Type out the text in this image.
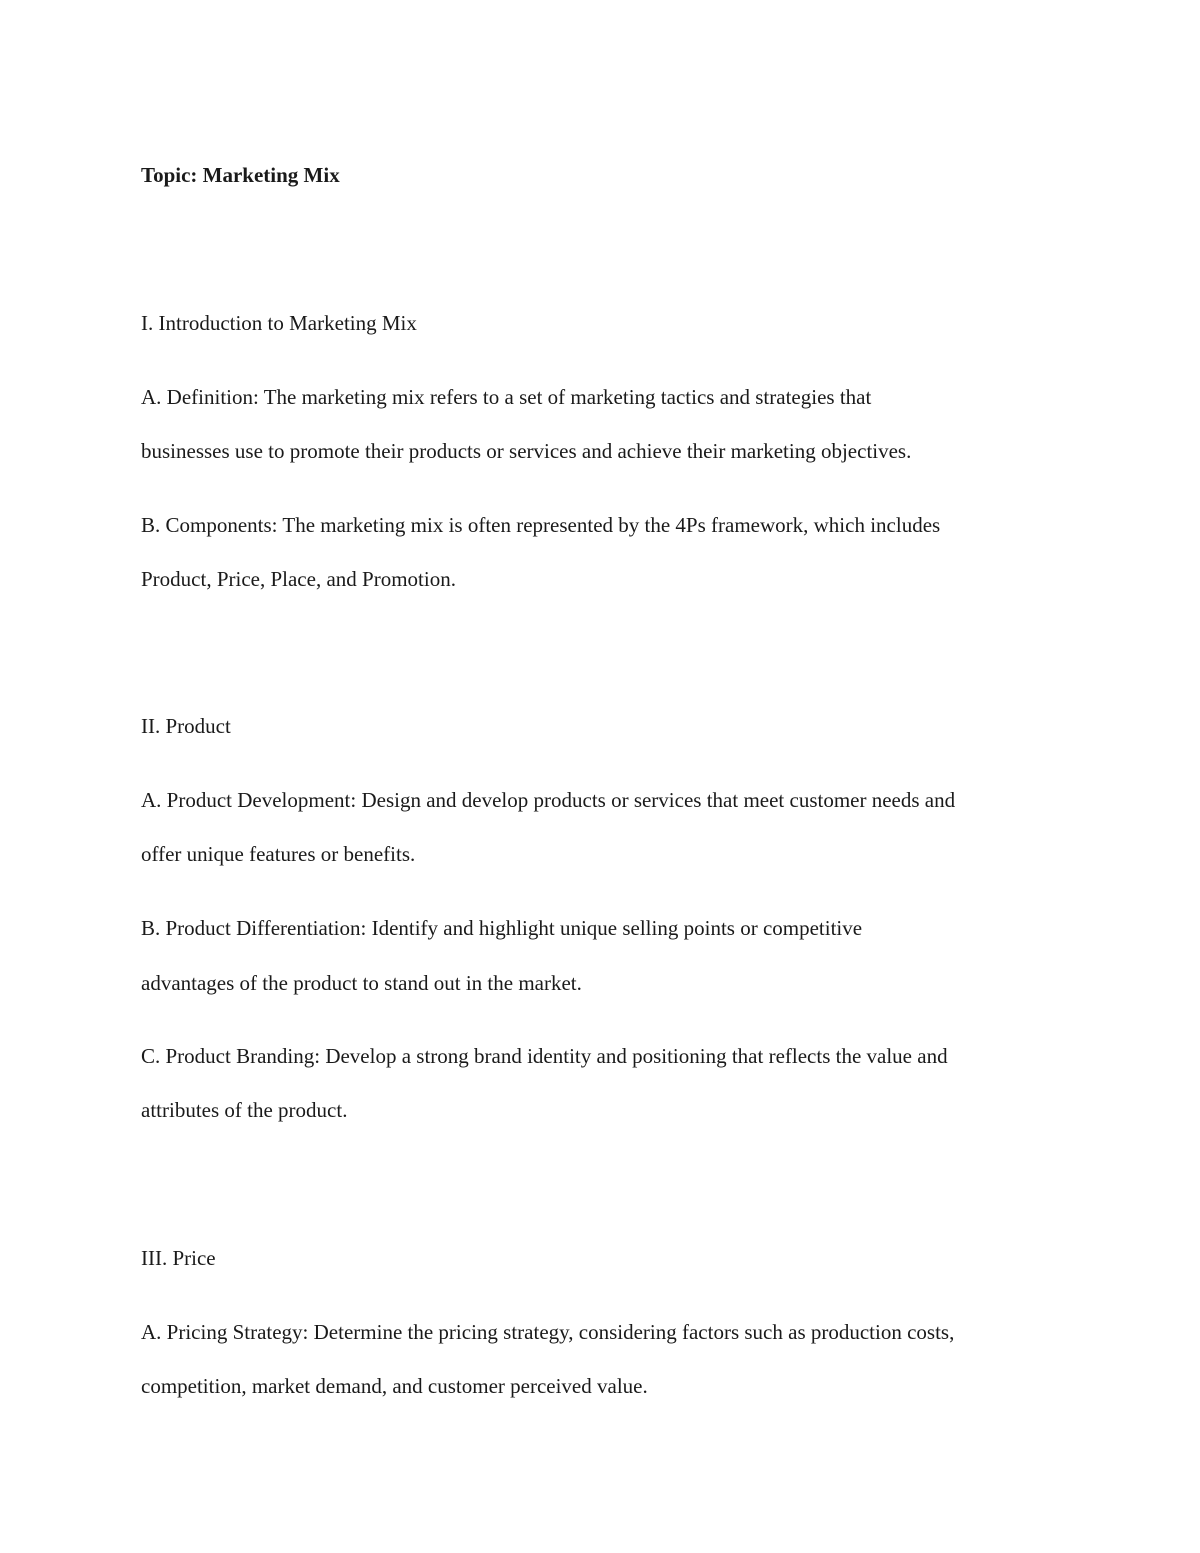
Topic: Marketing Mix
I. Introduction to Marketing Mix
A. Definition: The marketing mix refers to a set of marketing tactics and strategies that
businesses use to promote their products or services and achieve their marketing objectives.
B. Components: The marketing mix is often represented by the 4Ps framework, which includes
Product, Price, Place, and Promotion.
II. Product
A. Product Development: Design and develop products or services that meet customer needs and
offer unique features or benefits.
B. Product Differentiation: Identify and highlight unique selling points or competitive
advantages of the product to stand out in the market.
C. Product Branding: Develop a strong brand identity and positioning that reflects the value and
attributes of the product.
III. Price
A. Pricing Strategy: Determine the pricing strategy, considering factors such as production costs,
competition, market demand, and customer perceived value.
